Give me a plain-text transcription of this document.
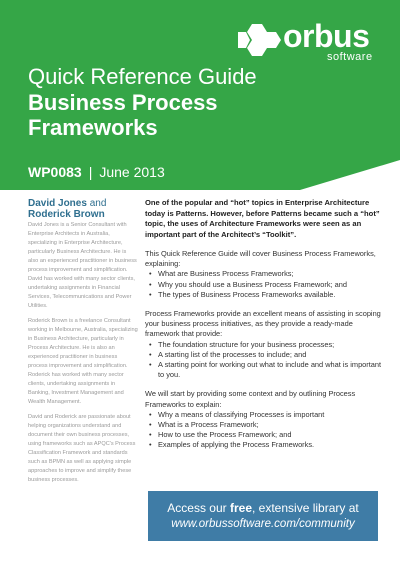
orbus
software
Quick Reference Guide
Business Process
Frameworks
WP0083 | June 2013
David Jones and
Roderick Brown

David Jones is a Senior Consultant with Enterprise Architects in Australia, specializing in Enterprise Architecture, particularly Business Architecture. He is also an experienced practitioner in business process improvement and simplification. David has worked with many sector clients, undertaking assignments in Financial Services, Telecommunications and Power Utilities.

Roderick Brown is a freelance Consultant working in Melbourne, Australia, specializing in Business Architecture, particularly in Process Architecture. He is also an experienced practitioner in business process improvement and simplification. Roderick has worked with many sector clients, undertaking assignments in Banking, Investment Management and Wealth Management.

David and Roderick are passionate about helping organizations understand and document their own business processes, using frameworks such as APQC's Process Classification Framework and standards such as BPMN as well as applying simple approaches to improve and simplify these business processes.

One of the popular and “hot” topics in Enterprise Architecture today is Patterns. However, before Patterns became such a “hot” topic, the uses of Architecture Frameworks were seen as an important part of the Architect’s “Toolkit”.

This Quick Reference Guide will cover Business Process Frameworks, explaining:

• What are Business Process Frameworks;
• Why you should use a Business Process Framework; and
• The types of Business Process Frameworks available.

Process Frameworks provide an excellent means of assisting in scoping your business process initiatives, as they provide a ready-made framework that provide:

• The foundation structure for your business processes;
• A starting list of the processes to include; and
• A starting point for working out what to include and what is important to you.

We will start by providing some context and by outlining Process Frameworks to explain:

• Why a means of classifying Processes is important
• What is a Process Framework;
• How to use the Process Framework; and
• Examples of applying the Process Frameworks.
Access our free, extensive library at
www.orbussoftware.com/community
